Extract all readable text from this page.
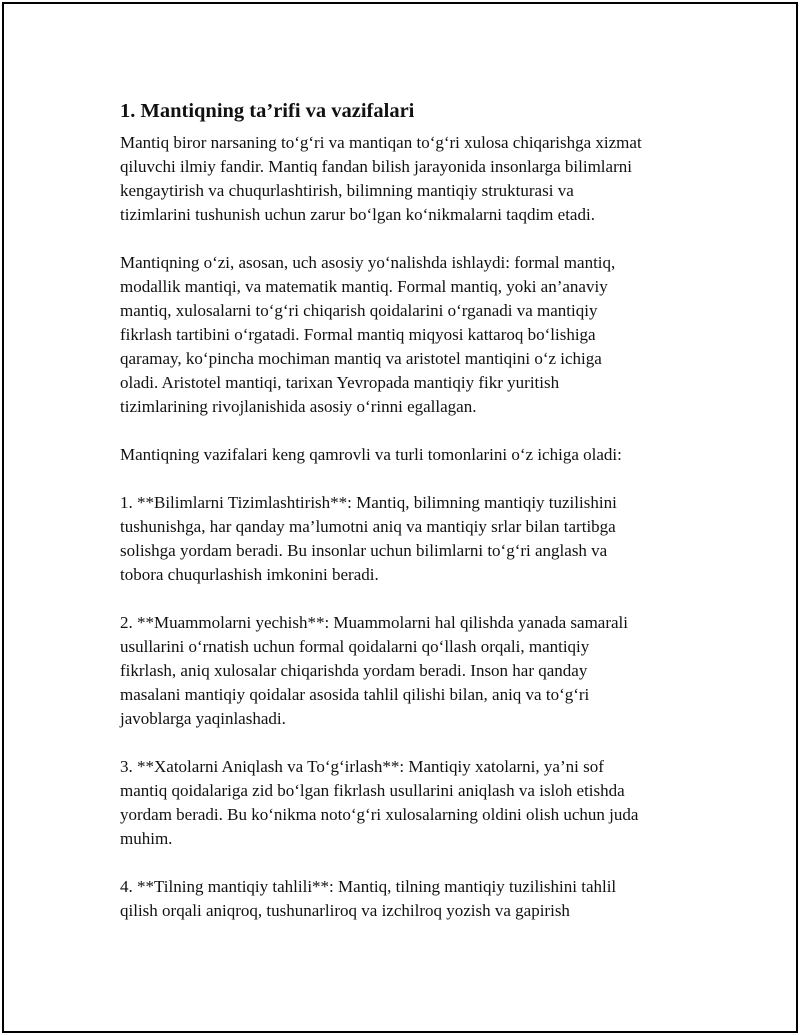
1. Mantiqning ta’rifi va vazifalari
Mantiq biror narsaning to‘g‘ri va mantiqan to‘g‘ri xulosa chiqarishga xizmat
qiluvchi ilmiy fandir. Mantiq fandan bilish jarayonida insonlarga bilimlarni
kengaytirish va chuqurlashtirish, bilimning mantiqiy strukturasi va
tizimlarini tushunish uchun zarur bo‘lgan ko‘nikmalarni taqdim etadi.
Mantiqning o‘zi, asosan, uch asosiy yo‘nalishda ishlaydi: formal mantiq,
modallik mantiqi, va matematik mantiq. Formal mantiq, yoki an’anaviy
mantiq, xulosalarni to‘g‘ri chiqarish qoidalarini o‘rganadi va mantiqiy
fikrlash tartibini o‘rgatadi. Formal mantiq miqyosi kattaroq bo‘lishiga
qaramay, ko‘pincha mochiman mantiq va aristotel mantiqini o‘z ichiga
oladi. Aristotel mantiqi, tarixan Yevropada mantiqiy fikr yuritish
tizimlarining rivojlanishida asosiy o‘rinni egallagan.
Mantiqning vazifalari keng qamrovli va turli tomonlarini o‘z ichiga oladi:
1. **Bilimlarni Tizimlashtirish**: Mantiq, bilimning mantiqiy tuzilishini
tushunishga, har qanday ma’lumotni aniq va mantiqiy srlar bilan tartibga
solishga yordam beradi. Bu insonlar uchun bilimlarni to‘g‘ri anglash va
tobora chuqurlashish imkonini beradi.
2. **Muammolarni yechish**: Muammolarni hal qilishda yanada samarali
usullarini o‘rnatish uchun formal qoidalarni qo‘llash orqali, mantiqiy
fikrlash, aniq xulosalar chiqarishda yordam beradi. Inson har qanday
masalani mantiqiy qoidalar asosida tahlil qilishi bilan, aniq va to‘g‘ri
javoblarga yaqinlashadi.
3. **Xatolarni Aniqlash va To‘g‘irlash**: Mantiqiy xatolarni, ya’ni sof
mantiq qoidalariga zid bo‘lgan fikrlash usullarini aniqlash va isloh etishda
yordam beradi. Bu ko‘nikma noto‘g‘ri xulosalarning oldini olish uchun juda
muhim.
4. **Tilning mantiqiy tahlili**: Mantiq, tilning mantiqiy tuzilishini tahlil
qilish orqali aniqroq, tushunarliroq va izchilroq yozish va gapirish
